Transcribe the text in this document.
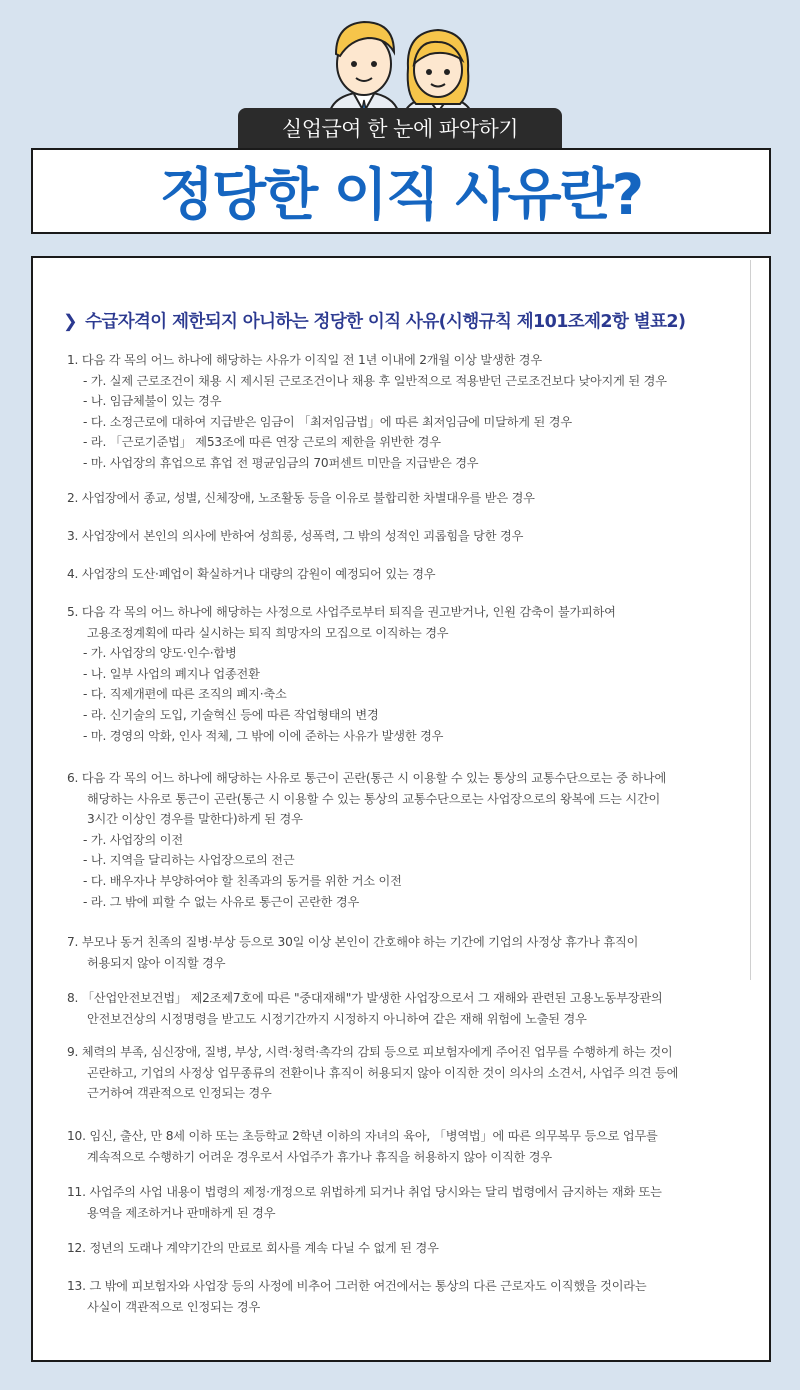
실업급여 한 눈에 파악하기
정당한 이직 사유란?
❯ 수급자격이 제한되지 아니하는 정당한 이직 사유(시행규칙 제101조제2항 별표2)
1. 다음 각 목의 어느 하나에 해당하는 사유가 이직일 전 1년 이내에 2개월 이상 발생한 경우
- 가. 실제 근로조건이 채용 시 제시된 근로조건이나 채용 후 일반적으로 적용받던 근로조건보다 낮아지게 된 경우
- 나. 임금체불이 있는 경우
- 다. 소정근로에 대하여 지급받은 임금이 「최저임금법」에 따른 최저임금에 미달하게 된 경우
- 라. 「근로기준법」 제53조에 따른 연장 근로의 제한을 위반한 경우
- 마. 사업장의 휴업으로 휴업 전 평균임금의 70퍼센트 미만을 지급받은 경우
2. 사업장에서 종교, 성별, 신체장애, 노조활동 등을 이유로 불합리한 차별대우를 받은 경우
3. 사업장에서 본인의 의사에 반하여 성희롱, 성폭력, 그 밖의 성적인 괴롭힘을 당한 경우
4. 사업장의 도산·폐업이 확실하거나 대량의 감원이 예정되어 있는 경우
5. 다음 각 목의 어느 하나에 해당하는 사정으로 사업주로부터 퇴직을 권고받거나, 인원 감축이 불가피하여
고용조정계획에 따라 실시하는 퇴직 희망자의 모집으로 이직하는 경우
- 가. 사업장의 양도·인수·합병
- 나. 일부 사업의 폐지나 업종전환
- 다. 직제개편에 따른 조직의 폐지·축소
- 라. 신기술의 도입, 기술혁신 등에 따른 작업형태의 변경
- 마. 경영의 악화, 인사 적체, 그 밖에 이에 준하는 사유가 발생한 경우
6. 다음 각 목의 어느 하나에 해당하는 사유로 통근이 곤란(통근 시 이용할 수 있는 통상의 교통수단으로는 중 하나에
해당하는 사유로 통근이 곤란(통근 시 이용할 수 있는 통상의 교통수단으로는 사업장으로의 왕복에 드는 시간이
3시간 이상인 경우를 말한다)하게 된 경우
- 가. 사업장의 이전
- 나. 지역을 달리하는 사업장으로의 전근
- 다. 배우자나 부양하여야 할 친족과의 동거를 위한 거소 이전
- 라. 그 밖에 피할 수 없는 사유로 통근이 곤란한 경우
7. 부모나 동거 친족의 질병·부상 등으로 30일 이상 본인이 간호해야 하는 기간에 기업의 사정상 휴가나 휴직이
허용되지 않아 이직할 경우
8. 「산업안전보건법」 제2조제7호에 따른 "중대재해"가 발생한 사업장으로서 그 재해와 관련된 고용노동부장관의
안전보건상의 시정명령을 받고도 시정기간까지 시정하지 아니하여 같은 재해 위험에 노출된 경우
9. 체력의 부족, 심신장애, 질병, 부상, 시력·청력·촉각의 감퇴 등으로 피보험자에게 주어진 업무를 수행하게 하는 것이
곤란하고, 기업의 사정상 업무종류의 전환이나 휴직이 허용되지 않아 이직한 것이 의사의 소견서, 사업주 의견 등에
근거하여 객관적으로 인정되는 경우
10. 임신, 출산, 만 8세 이하 또는 초등학교 2학년 이하의 자녀의 육아, 「병역법」에 따른 의무복무 등으로 업무를
계속적으로 수행하기 어려운 경우로서 사업주가 휴가나 휴직을 허용하지 않아 이직한 경우
11. 사업주의 사업 내용이 법령의 제정·개정으로 위법하게 되거나 취업 당시와는 달리 법령에서 금지하는 재화 또는
용역을 제조하거나 판매하게 된 경우
12. 정년의 도래나 계약기간의 만료로 회사를 계속 다닐 수 없게 된 경우
13. 그 밖에 피보험자와 사업장 등의 사정에 비추어 그러한 여건에서는 통상의 다른 근로자도 이직했을 것이라는
사실이 객관적으로 인정되는 경우
